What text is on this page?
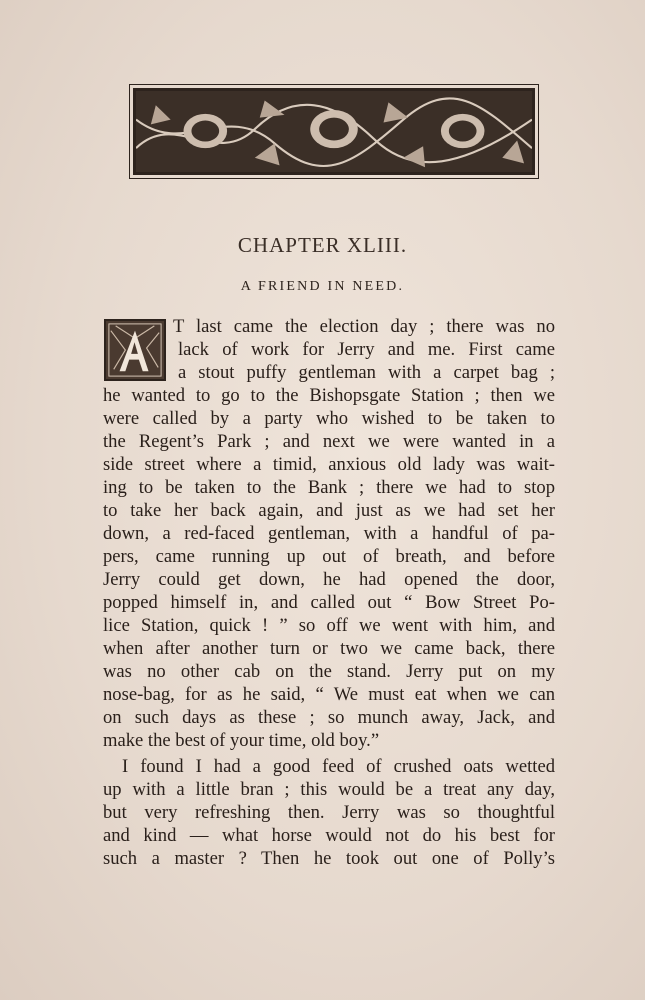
CHAPTER XLIII.
A FRIEND IN NEED.
T last came the election day ; there was no
lack of work for Jerry and me. First came
a stout puffy gentleman with a carpet bag ;
he wanted to go to the Bishopsgate Station ; then we
were called by a party who wished to be taken to
the Regent’s Park ; and next we were wanted in a
side street where a timid, anxious old lady was wait-
ing to be taken to the Bank ; there we had to stop
to take her back again, and just as we had set her
down, a red-faced gentleman, with a handful of pa-
pers, came running up out of breath, and before
Jerry could get down, he had opened the door,
popped himself in, and called out “ Bow Street Po-
lice Station, quick ! ” so off we went with him, and
when after another turn or two we came back, there
was no other cab on the stand. Jerry put on my
nose-bag, for as he said, “ We must eat when we can
on such days as these ; so munch away, Jack, and
make the best of your time, old boy.”
I found I had a good feed of crushed oats wetted
up with a little bran ; this would be a treat any day,
but very refreshing then. Jerry was so thoughtful
and kind — what horse would not do his best for
such a master ? Then he took out one of Polly’s
